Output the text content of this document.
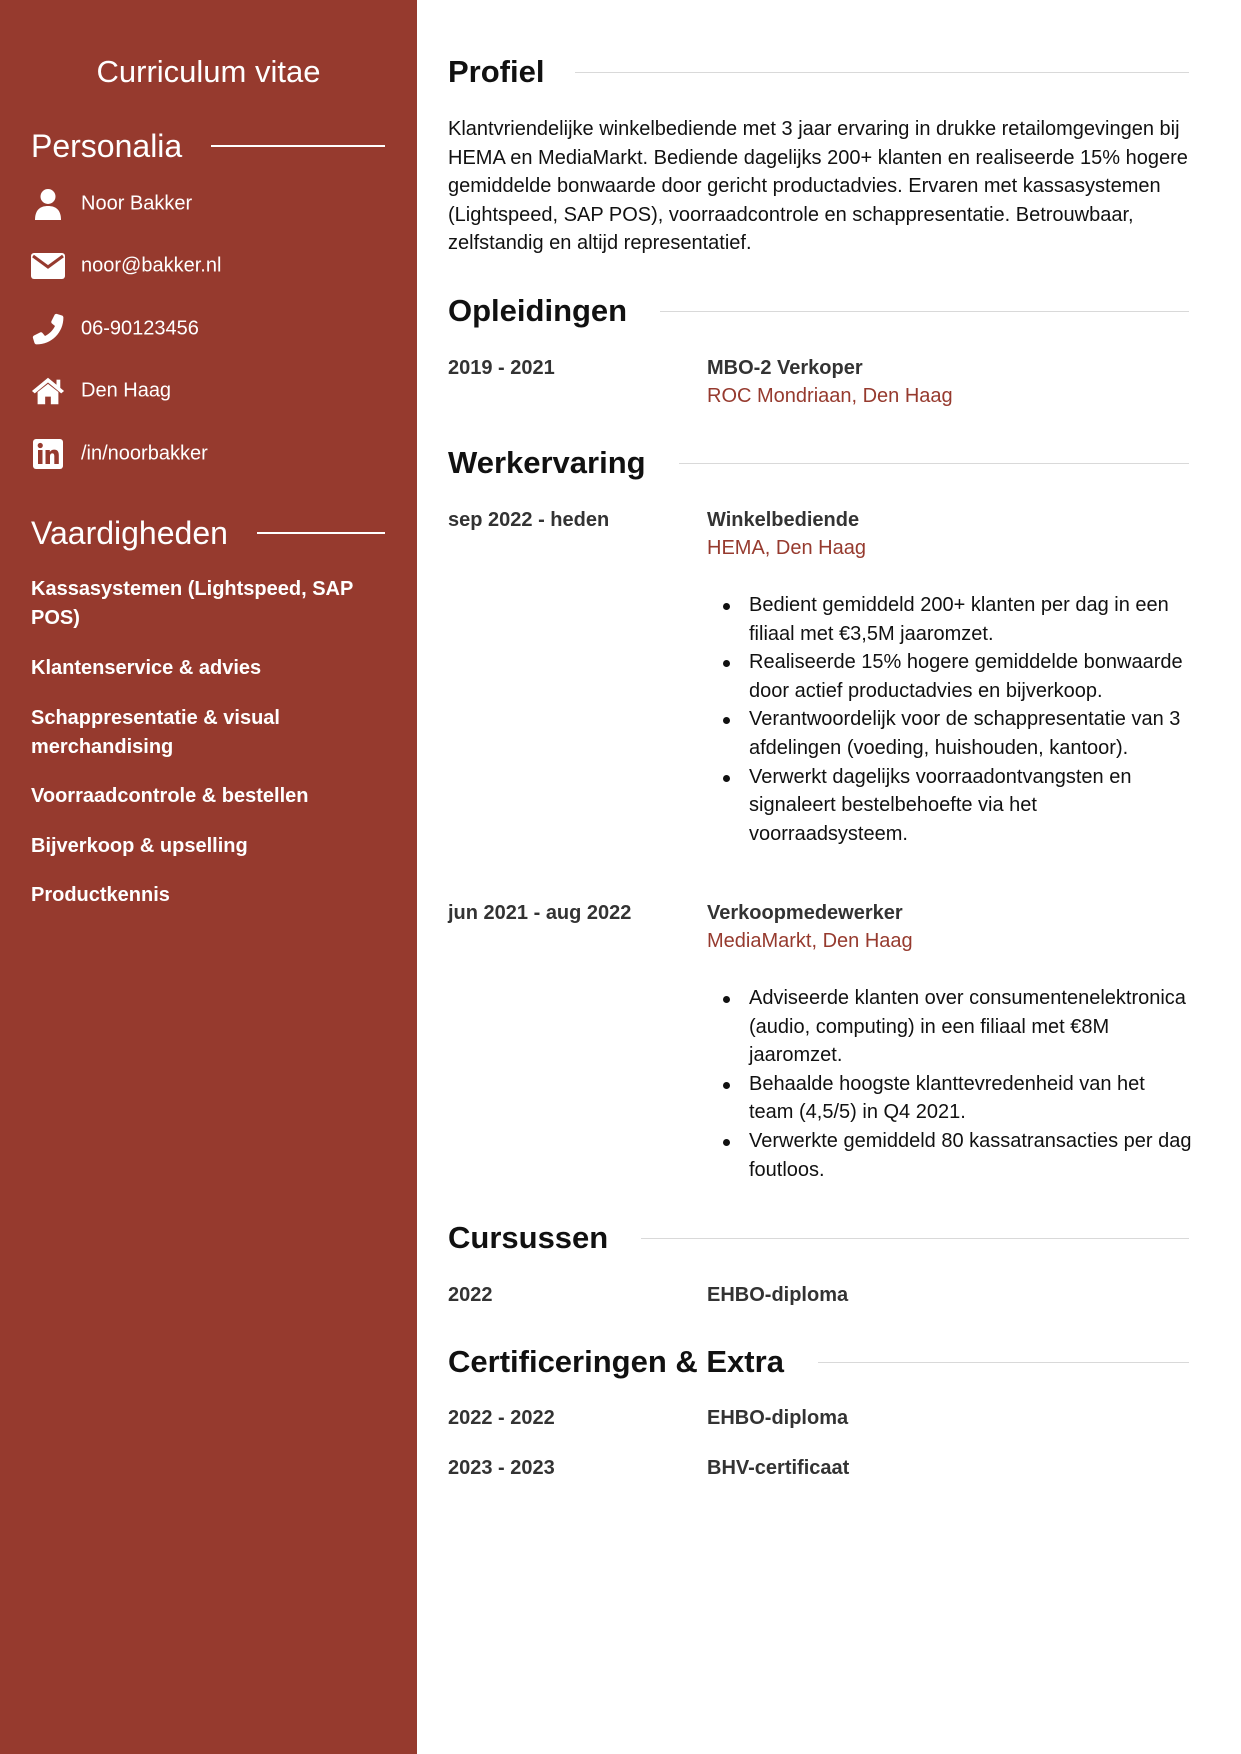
Curriculum vitae
Personalia
Noor Bakker
noor@bakker.nl
06-90123456
Den Haag
/in/noorbakker
Vaardigheden
Kassasystemen (Lightspeed, SAP POS)
Klantenservice & advies
Schappresentatie & visual merchandising
Voorraadcontrole & bestellen
Bijverkoop & upselling
Productkennis
Profiel

Klantvriendelijke winkelbediende met 3 jaar ervaring in drukke retailomgevingen bij HEMA en MediaMarkt. Bediende dagelijks 200+ klanten en realiseerde 15% hogere gemiddelde bonwaarde door gericht productadvies. Ervaren met kassasystemen (Lightspeed, SAP POS), voorraadcontrole en schappresentatie. Betrouwbaar, zelfstandig en altijd representatief.

Opleidingen
2019 - 2021	MBO-2 Verkoper
ROC Mondriaan, Den Haag
Werkervaring
sep 2022 - heden	Winkelbediende
HEMA, Den Haag
Bedient gemiddeld 200+ klanten per dag in een filiaal met €3,5M jaaromzet.
Realiseerde 15% hogere gemiddelde bonwaarde door actief productadvies en bijverkoop.
Verantwoordelijk voor de schappresentatie van 3 afdelingen (voeding, huishouden, kantoor).
Verwerkt dagelijks voorraadontvangsten en signaleert bestelbehoefte via het voorraadsysteem.
jun 2021 - aug 2022	Verkoopmedewerker
MediaMarkt, Den Haag
Adviseerde klanten over consumentenelektronica (audio, computing) in een filiaal met €8M jaaromzet.
Behaalde hoogste klanttevredenheid van het team (4,5/5) in Q4 2021.
Verwerkte gemiddeld 80 kassatransacties per dag foutloos.
Cursussen
2022	EHBO-diploma
Certificeringen & Extra
2022 - 2022	EHBO-diploma
2023 - 2023	BHV-certificaat
